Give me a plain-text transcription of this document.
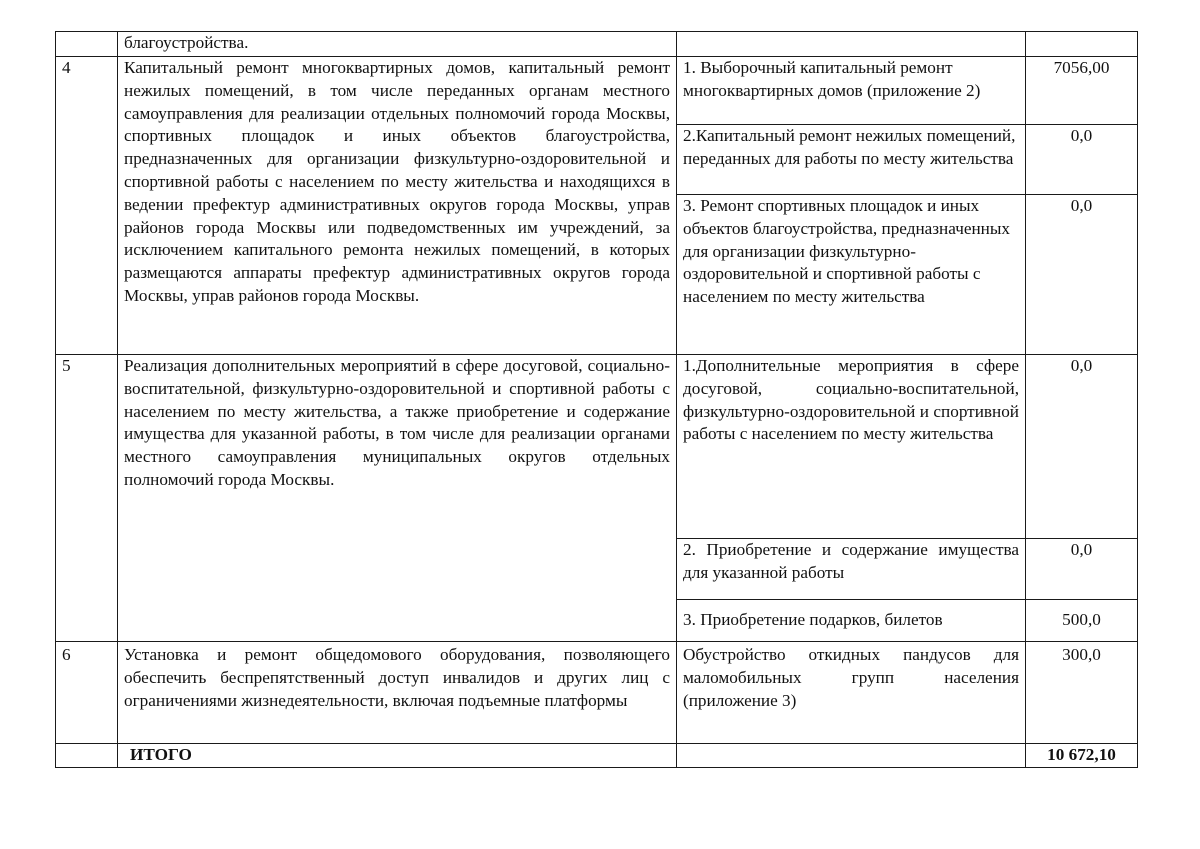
	благоустройства.		

4	Капитальный ремонт многоквартирных домов, капитальный ремонт нежилых помещений, в том числе переданных органам местного самоуправления для реализации отдельных полномочий города Москвы, спортивных площадок и иных объектов благоустройства, предназначенных для организации физкультурно-оздоровительной и спортивной работы с населением по месту жительства и находящихся в ведении префектур административных округов города Москвы, управ районов города Москвы или подведомственных им учреждений, за исключением капитального ремонта нежилых помещений, в которых размещаются аппараты префектур административных округов города Москвы, управ районов города Москвы.	1. Выборочный капитальный ремонт многоквартирных домов (приложение 2)	7056,00

		2.Капитальный ремонт нежилых помещений, переданных для работы по месту жительства	0,0

		3. Ремонт спортивных площадок и иных объектов благоустройства, предназначенных для организации физкультурно-оздоровительной и спортивной работы с населением по месту жительства	0,0

5	Реализация дополнительных мероприятий в сфере досуговой, социально-воспитательной, физкультурно-оздоровительной и спортивной работы с населением по месту жительства, а также приобретение и содержание имущества для указанной работы, в том числе для реализации органами местного самоуправления муниципальных округов отдельных полномочий города Москвы.	1.Дополнительные мероприятия в сфере досуговой, социально-воспитательной, физкультурно-оздоровительной и спортивной работы с населением по месту жительства	0,0

		2. Приобретение и содержание имущества для указанной работы	0,0

		3. Приобретение подарков, билетов	500,0

6	Установка и ремонт общедомового оборудования, позволяющего обеспечить беспрепятственный доступ инвалидов и других лиц с ограничениями жизнедеятельности, включая подъемные платформы	Обустройство откидных пандусов для маломобильных групп населения (приложение 3)	300,0

	ИТОГО		10 672,10
